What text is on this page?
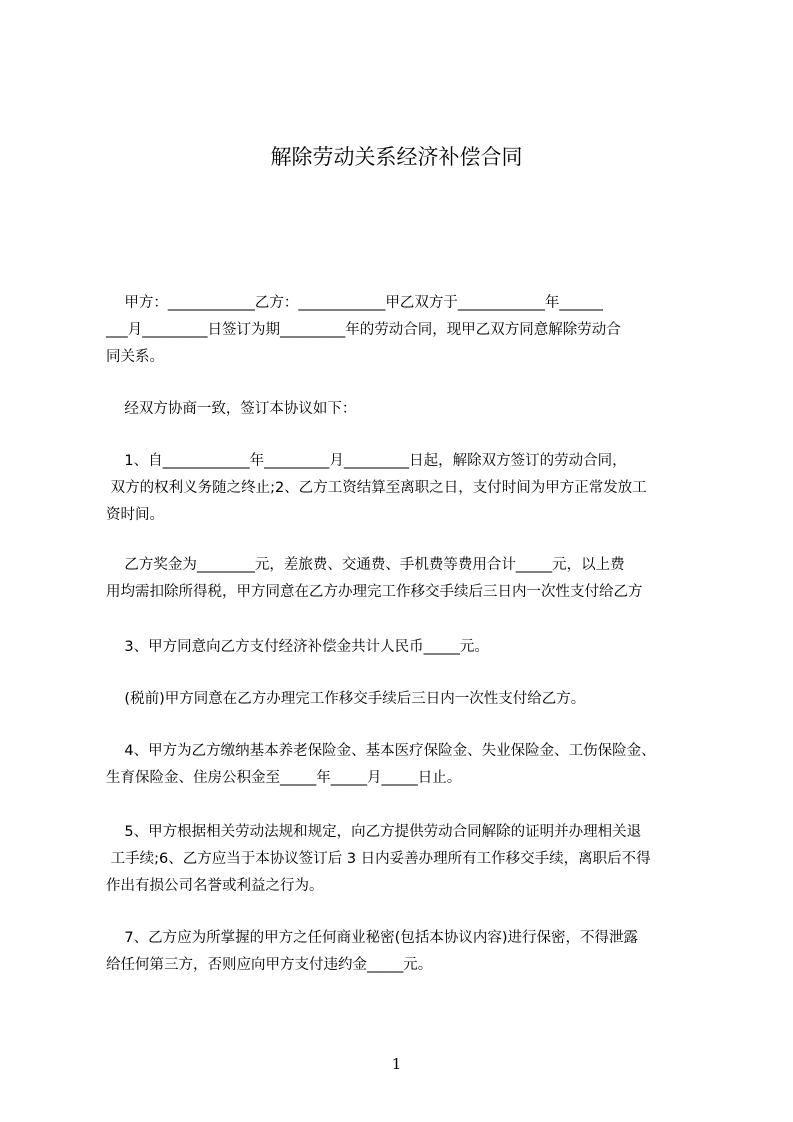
解除劳动关系经济补偿合同

甲方：____________乙方：____________甲乙双方于____________年______
___月_________日签订为期_________年的劳动合同，现甲乙双方同意解除劳动合
同关系。

经双方协商一致，签订本协议如下：

1、自____________年_________月_________日起，解除双方签订的劳动合同，
双方的权利义务随之终止;2、乙方工资结算至离职之日，支付时间为甲方正常发放工
资时间。

乙方奖金为________元，差旅费、交通费、手机费等费用合计_____元，以上费
用均需扣除所得税，甲方同意在乙方办理完工作移交手续后三日内一次性支付给乙方

3、甲方同意向乙方支付经济补偿金共计人民币_____元。

(税前)甲方同意在乙方办理完工作移交手续后三日内一次性支付给乙方。

4、甲方为乙方缴纳基本养老保险金、基本医疗保险金、失业保险金、工伤保险金、
生育保险金、住房公积金至_____年_____月_____日止。

5、甲方根据相关劳动法规和规定，向乙方提供劳动合同解除的证明并办理相关退
工手续;6、乙方应当于本协议签订后 3 日内妥善办理所有工作移交手续，离职后不得
作出有损公司名誉或利益之行为。

7、乙方应为所掌握的甲方之任何商业秘密(包括本协议内容)进行保密，不得泄露
给任何第三方，否则应向甲方支付违约金_____元。

1
